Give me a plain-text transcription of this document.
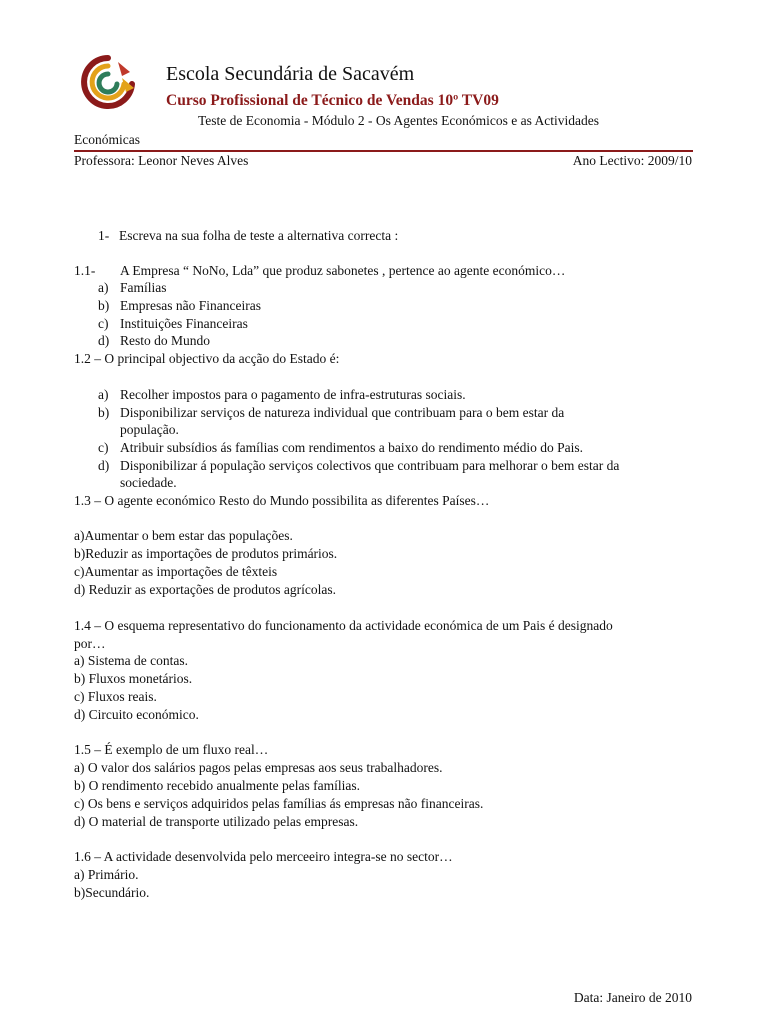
Escola Secundária de Sacavém
Curso Profissional de Técnico de Vendas 10º TV09
Teste de Economia - Módulo 2 - Os Agentes Económicos e as Actividades
Económicas
Professora: Leonor Neves Alves	Ano Lectivo: 2009/10
1- Escreva na sua folha de teste a alternativa correcta :
1.1- A Empresa “ NoNo, Lda” que produz sabonetes , pertence ao agente económico…
a) Famílias
b) Empresas não Financeiras
c) Instituições Financeiras
d) Resto do Mundo
1.2 – O principal objectivo da acção do Estado é:
a) Recolher impostos para o pagamento de infra-estruturas sociais.
b) Disponibilizar serviços de natureza individual que contribuam para o bem estar da
população.
c) Atribuir subsídios ás famílias com rendimentos a baixo do rendimento médio do Pais.
d) Disponibilizar á população serviços colectivos que contribuam para melhorar o bem estar da
sociedade.
1.3 – O agente económico Resto do Mundo possibilita as diferentes Países…
a)Aumentar o bem estar das populações.
b)Reduzir as importações de produtos primários.
c)Aumentar as importações de têxteis
d) Reduzir as exportações de produtos agrícolas.
1.4 – O esquema representativo do funcionamento da actividade económica de um Pais é designado
por…
a) Sistema de contas.
b) Fluxos monetários.
c) Fluxos reais.
d) Circuito económico.
1.5 – É exemplo de um fluxo real…
a) O valor dos salários pagos pelas empresas aos seus trabalhadores.
b) O rendimento recebido anualmente pelas famílias.
c) Os bens e serviços adquiridos pelas famílias ás empresas não financeiras.
d) O material de transporte utilizado pelas empresas.
1.6 – A actividade desenvolvida pelo merceeiro integra-se no sector…
a) Primário.
b)Secundário.
Data: Janeiro de 2010
